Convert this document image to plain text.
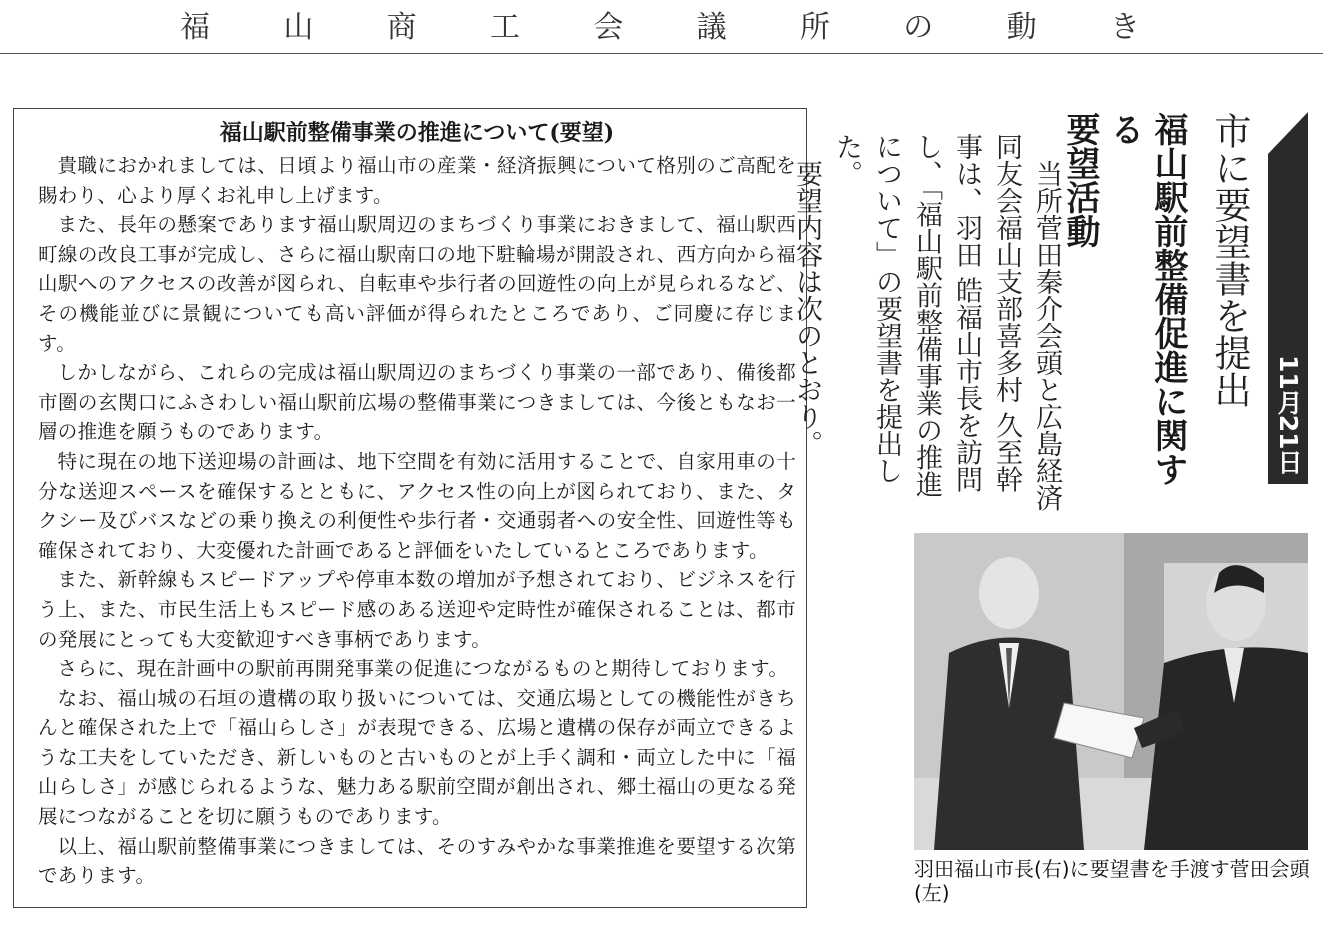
福 山 商 工 会 議 所 の 動 き
福山駅前整備事業の推進について(要望)

貴職におかれましては、日頃より福山市の産業・経済振興について格別のご高配を賜わり、心より厚くお礼申し上げます。

また、長年の懸案であります福山駅周辺のまちづくり事業におきまして、福山駅西町線の改良工事が完成し、さらに福山駅南口の地下駐輪場が開設され、西方向から福山駅へのアクセスの改善が図られ、自転車や歩行者の回遊性の向上が見られるなど、その機能並びに景観についても高い評価が得られたところであり、ご同慶に存じます。

しかしながら、これらの完成は福山駅周辺のまちづくり事業の一部であり、備後都市圏の玄関口にふさわしい福山駅前広場の整備事業につきましては、今後ともなお一層の推進を願うものであります。

特に現在の地下送迎場の計画は、地下空間を有効に活用することで、自家用車の十分な送迎スペースを確保するとともに、アクセス性の向上が図られており、また、タクシー及びバスなどの乗り換えの利便性や歩行者・交通弱者への安全性、回遊性等も確保されており、大変優れた計画であると評価をいたしているところであります。

また、新幹線もスピードアップや停車本数の増加が予想されており、ビジネスを行う上、また、市民生活上もスピード感のある送迎や定時性が確保されることは、都市の発展にとっても大変歓迎すべき事柄であります。

さらに、現在計画中の駅前再開発事業の促進につながるものと期待しております。

なお、福山城の石垣の遺構の取り扱いについては、交通広場としての機能性がきちんと確保された上で「福山らしさ」が表現できる、広場と遺構の保存が両立できるような工夫をしていただき、新しいものと古いものとが上手く調和・両立した中に「福山らしさ」が感じられるような、魅力ある駅前空間が創出され、郷土福山の更なる発展につながることを切に願うものであります。

以上、福山駅前整備事業につきましては、そのすみやかな事業推進を要望する次第であります。

11月21日水
市に要望書を提出
福山駅前整備促進に関する
要望活動

当所菅田秦介会頭と広島経済同友会福山支部喜多村 久至幹事は、羽田 皓福山市長を訪問し、「福山駅前整備事業の推進について」の要望書を提出した。

要望内容は次のとおり。

羽田福山市長(右)に要望書を手渡す菅田会頭(左)
